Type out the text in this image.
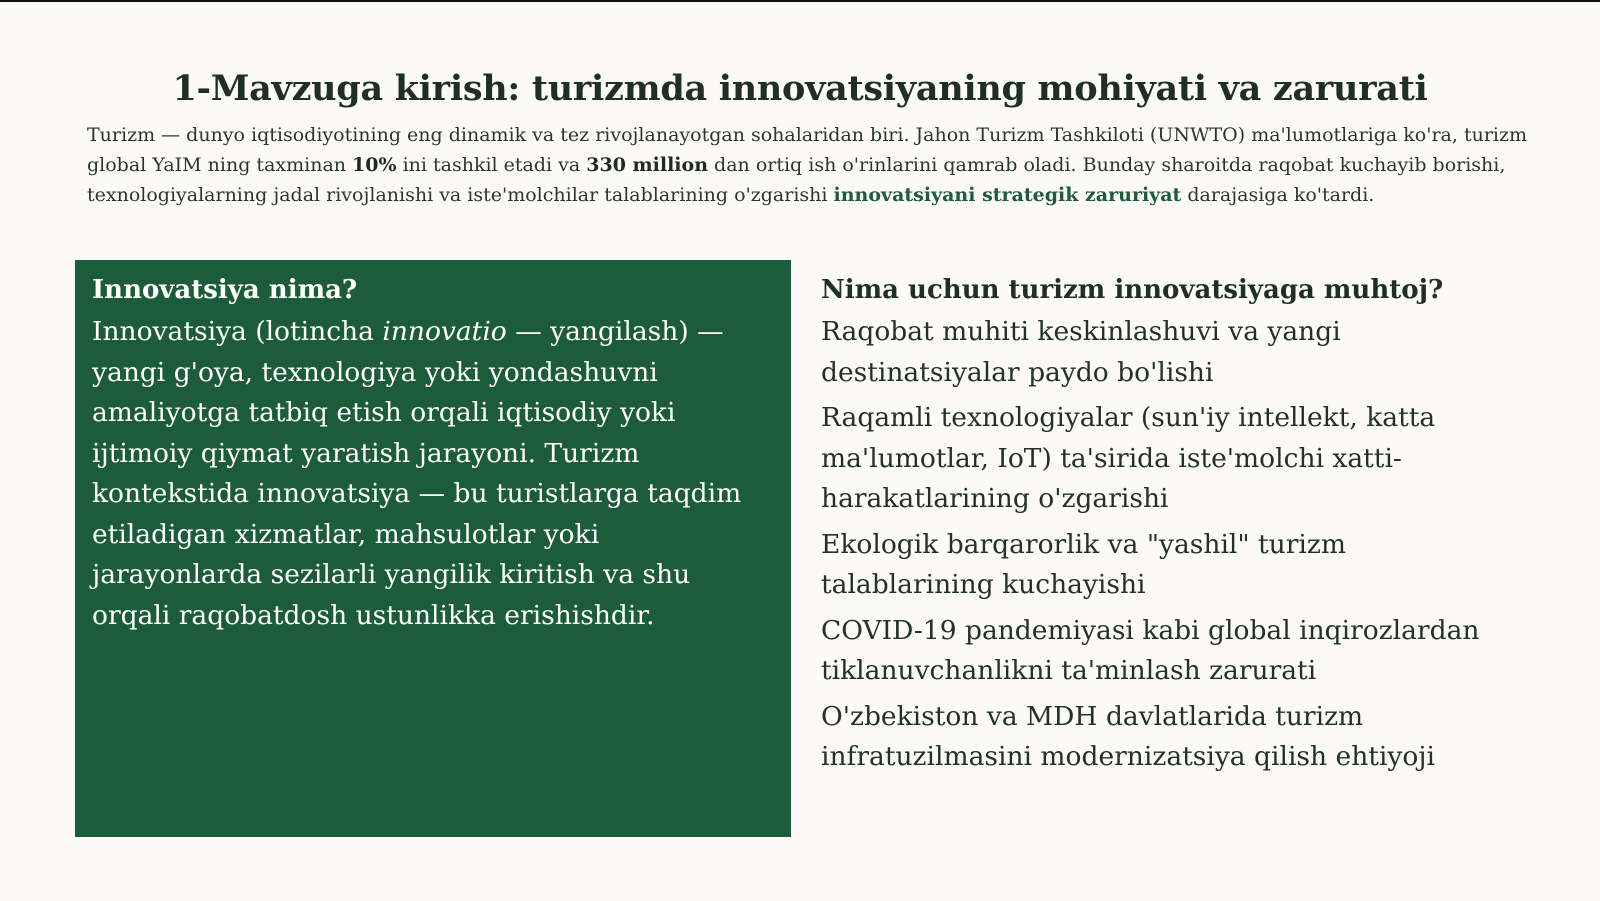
1-Mavzuga kirish: turizmda innovatsiyaning mohiyati va zarurati

Turizm — dunyo iqtisodiyotining eng dinamik va tez rivojlanayotgan sohalaridan biri. Jahon Turizm Tashkiloti (UNWTO) ma'lumotlariga ko'ra, turizm global YaIM ning taxminan 10% ini tashkil etadi va 330 million dan ortiq ish o'rinlarini qamrab oladi. Bunday sharoitda raqobat kuchayib borishi, texnologiyalarning jadal rivojlanishi va iste'molchilar talablarining o'zgarishi innovatsiyani strategik zaruriyat darajasiga ko'tardi.

Innovatsiya nima?

Innovatsiya (lotincha innovatio — yangilash) — yangi g'oya, texnologiya yoki yondashuvni amaliyotga tatbiq etish orqali iqtisodiy yoki ijtimoiy qiymat yaratish jarayoni. Turizm kontekstida innovatsiya — bu turistlarga taqdim etiladigan xizmatlar, mahsulotlar yoki jarayonlarda sezilarli yangilik kiritish va shu orqali raqobatdosh ustunlikka erishishdir.

Nima uchun turizm innovatsiyaga muhtoj?
Raqobat muhiti keskinlashuvi va yangi destinatsiyalar paydo bo'lishi
Raqamli texnologiyalar (sun'iy intellekt, katta ma'lumotlar, IoT) ta'sirida iste'molchi xatti-harakatlarining o'zgarishi
Ekologik barqarorlik va "yashil" turizm talablarining kuchayishi
COVID-19 pandemiyasi kabi global inqirozlardan tiklanuvchanlikni ta'minlash zarurati
O'zbekiston va MDH davlatlarida turizm infratuzilmasini modernizatsiya qilish ehtiyoji
